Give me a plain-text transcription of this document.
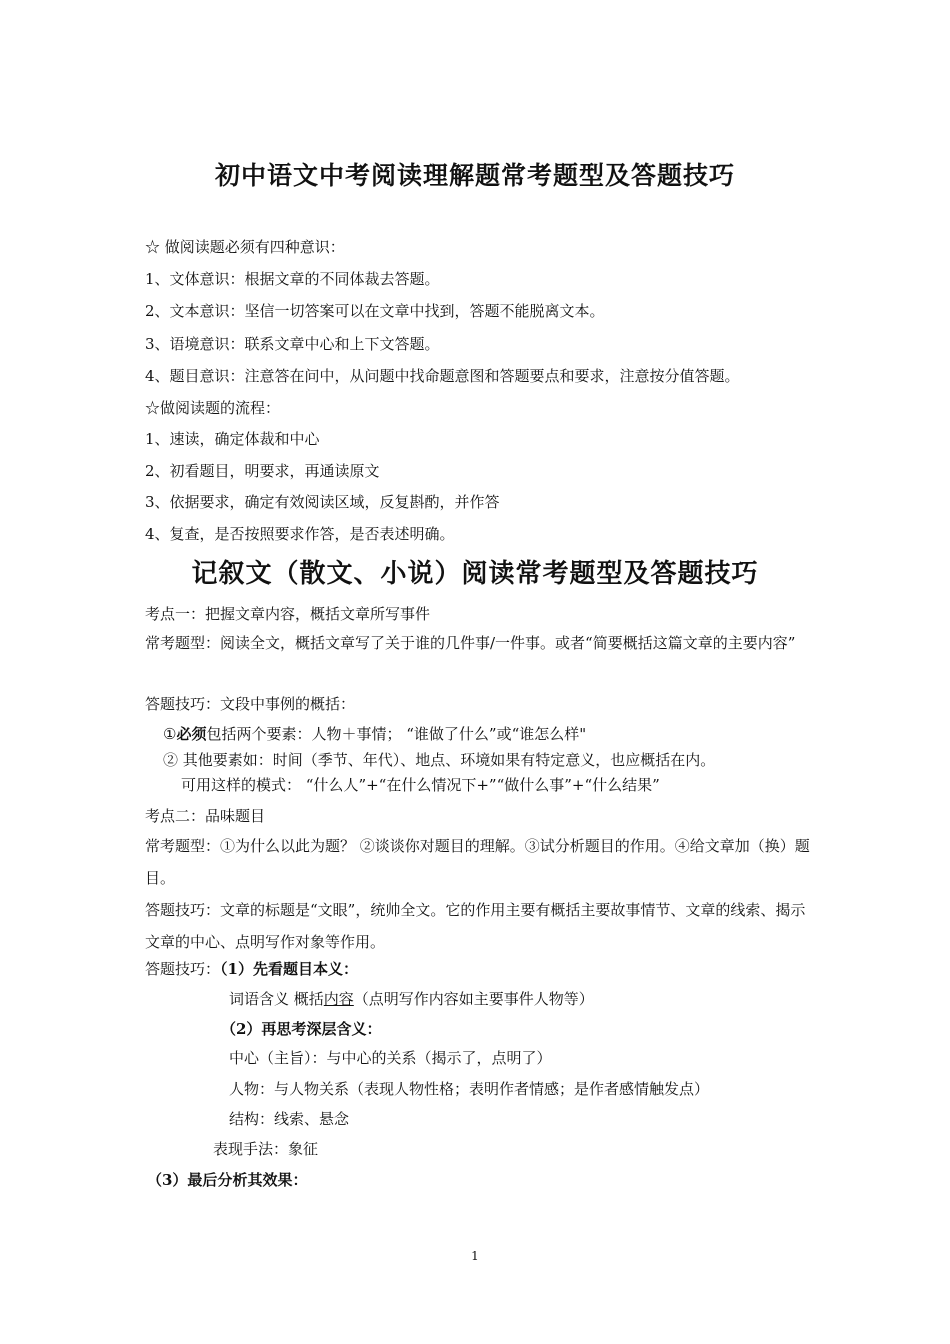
初中语文中考阅读理解题常考题型及答题技巧
☆ 做阅读题必须有四种意识：
1、文体意识：根据文章的不同体裁去答题。
2、文本意识：坚信一切答案可以在文章中找到，答题不能脱离文本。
3、语境意识：联系文章中心和上下文答题。
4、题目意识：注意答在问中，从问题中找命题意图和答题要点和要求，注意按分值答题。
☆做阅读题的流程：
1、速读，确定体裁和中心
2、初看题目，明要求，再通读原文
3、依据要求，确定有效阅读区域，反复斟酌，并作答
4、复查，是否按照要求作答，是否表述明确。
记叙文（散文、小说）阅读常考题型及答题技巧
考点一：把握文章内容，概括文章所写事件
常考题型：阅读全文，概括文章写了关于谁的几件事/一件事。或者“简要概括这篇文章的主要内容”
答题技巧：文段中事例的概括：
①必须包括两个要素：人物＋事情； “谁做了什么”或“谁怎么样"
② 其他要素如：时间（季节、年代）、地点、环境如果有特定意义，也应概括在内。
可用这样的模式： “什么人”+“在什么情况下+”“做什么事”+“什么结果”
考点二：品味题目
常考题型：①为什么以此为题？ ②谈谈你对题目的理解。③试分析题目的作用。④给文章加（换）题目。
答题技巧：文章的标题是“文眼”，统帅全文。它的作用主要有概括主要故事情节、文章的线索、揭示文章的中心、点明写作对象等作用。
答题技巧：（1）先看题目本义：
词语含义 概括内容（点明写作内容如主要事件人物等）
（2）再思考深层含义：
中心（主旨）：与中心的关系（揭示了，点明了）
人物：与人物关系（表现人物性格；表明作者情感；是作者感情触发点）
结构：线索、悬念
表现手法：象征
（3）最后分析其效果：
1
